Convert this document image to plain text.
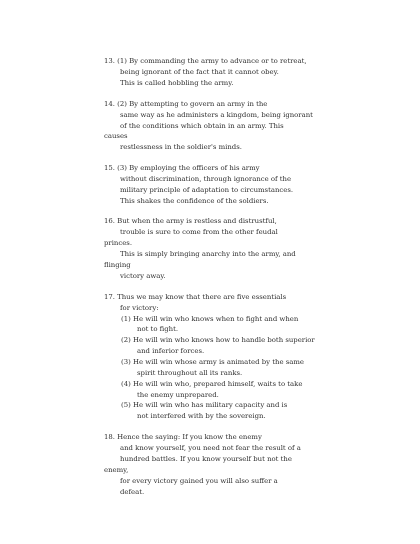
13. (1) By commanding the army to advance or to retreat,
being ignorant of the fact that it cannot obey.
This is called hobbling the army.
14. (2) By attempting to govern an army in the
same way as he administers a kingdom, being ignorant
of the conditions which obtain in an army. This
causes
restlessness in the soldier's minds.
15. (3) By employing the officers of his army
without discrimination, through ignorance of the
military principle of adaptation to circumstances.
This shakes the confidence of the soldiers.
16. But when the army is restless and distrustful,
trouble is sure to come from the other feudal
princes.
This is simply bringing anarchy into the army, and
flinging
victory away.
17. Thus we may know that there are five essentials
for victory:
(1) He will win who knows when to fight and when
not to fight.
(2) He will win who knows how to handle both superior
and inferior forces.
(3) He will win whose army is animated by the same
spirit throughout all its ranks.
(4) He will win who, prepared himself, waits to take
the enemy unprepared.
(5) He will win who has military capacity and is
not interfered with by the sovereign.
18. Hence the saying: If you know the enemy
and know yourself, you need not fear the result of a
hundred battles. If you know yourself but not the
enemy,
for every victory gained you will also suffer a
defeat.
